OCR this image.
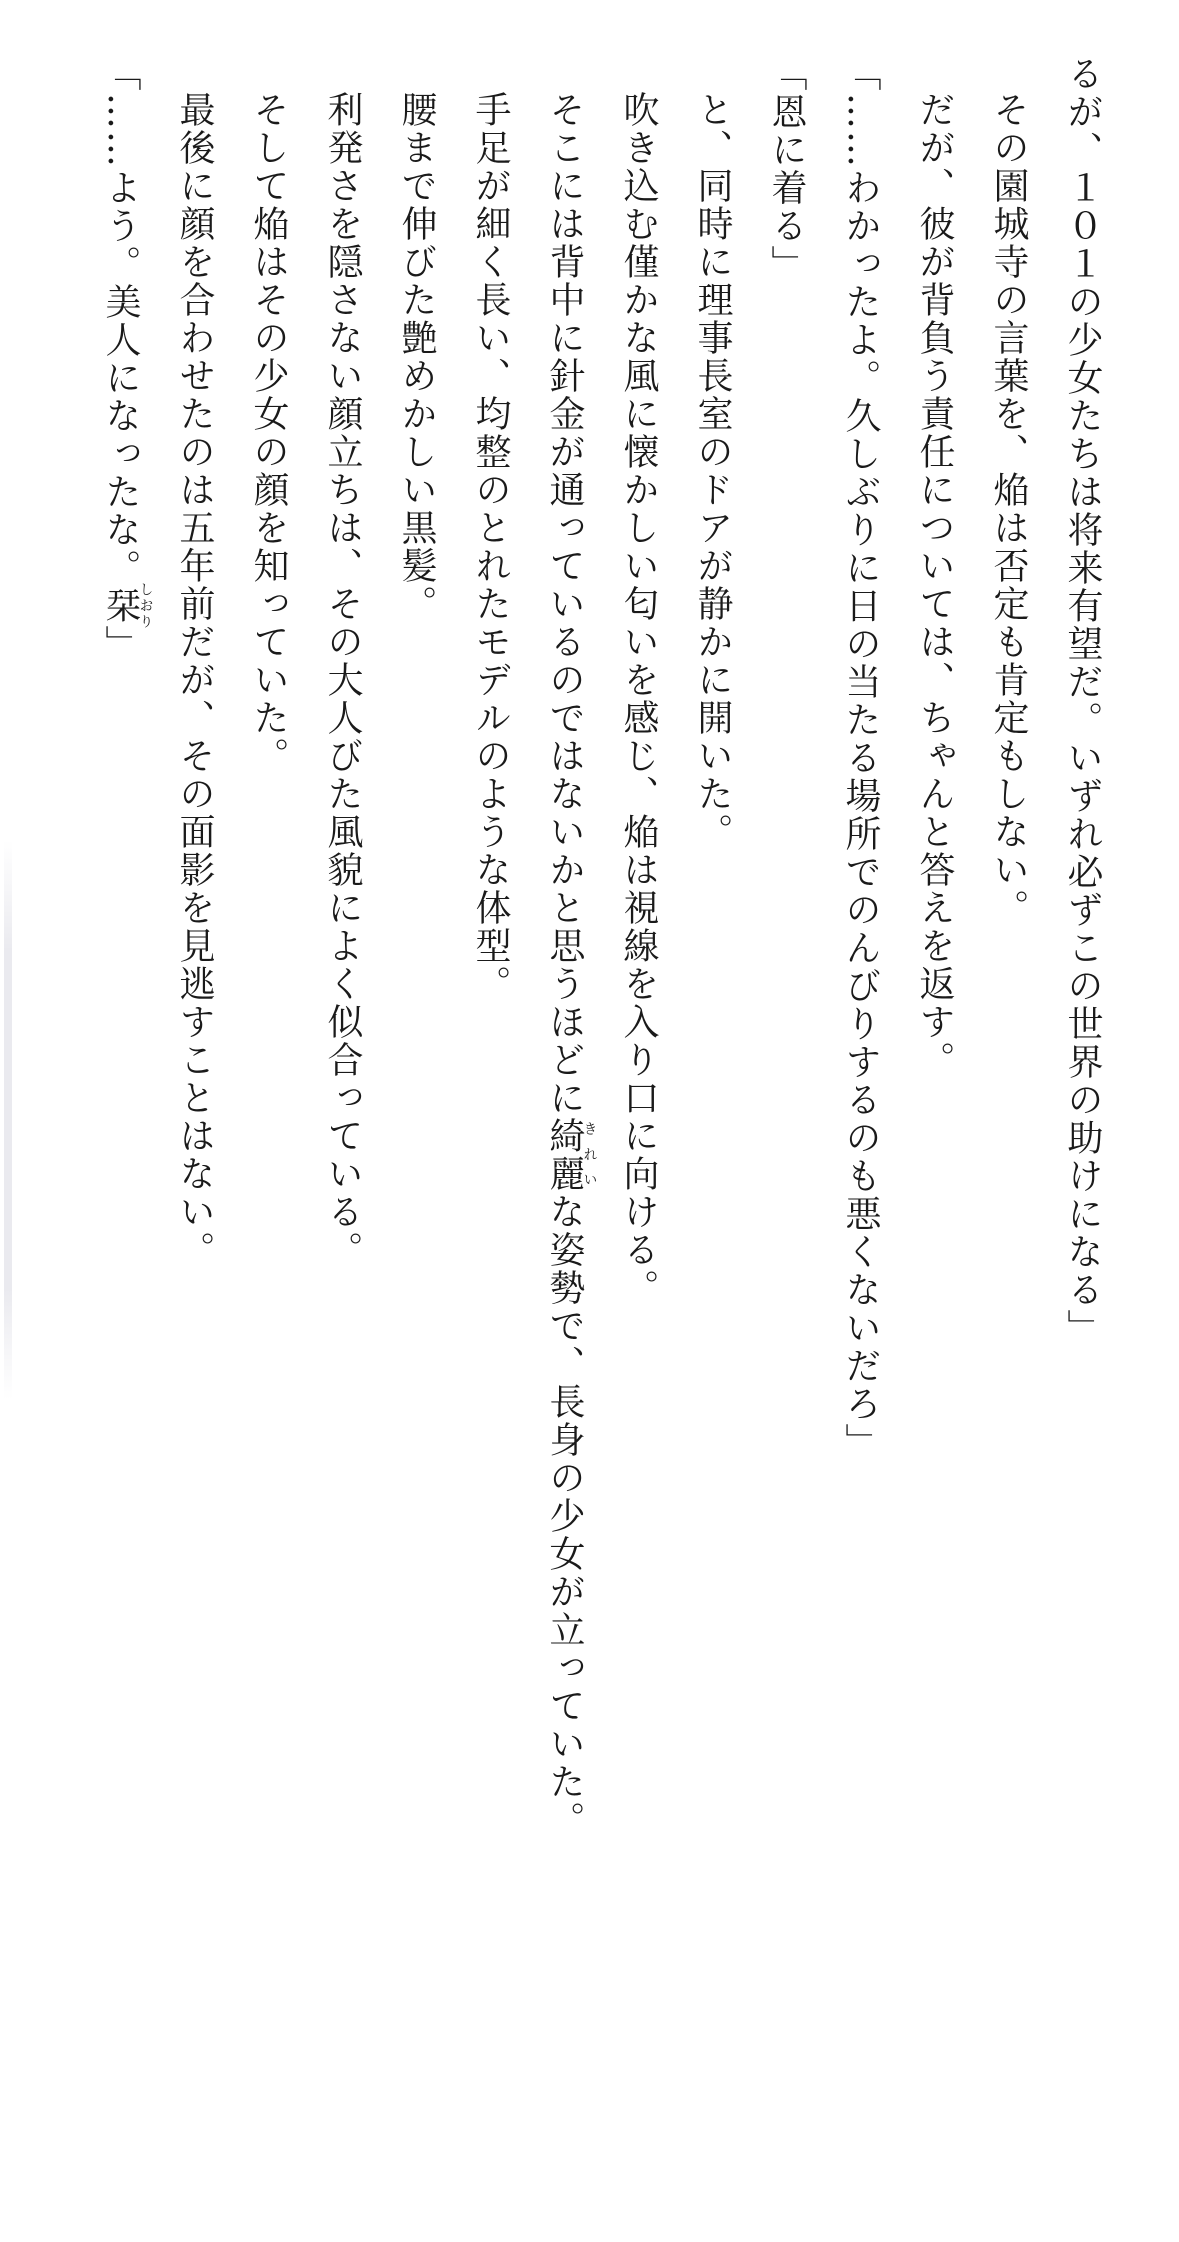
るが、１０１の少女たちは将来有望だ。いずれ必ずこの世界の助けになる」

その園城寺の言葉を、焔は否定も肯定もしない。

だが、彼が背負う責任については、ちゃんと答えを返す。

「……わかったよ。久しぶりに日の当たる場所でのんびりするのも悪くないだろ」

「恩に着る」

と、同時に理事長室のドアが静かに開いた。

吹き込む僅かな風に懐かしい匂いを感じ、焔は視線を入り口に向ける。

そこには背中に針金が通っているのではないかと思うほどに綺麗きれいな姿勢で、長身の少女が立っていた。

手足が細く長い、均整のとれたモデルのような体型。

腰まで伸びた艶めかしい黒髪。

利発さを隠さない顔立ちは、その大人びた風貌によく似合っている。

そして焔はその少女の顔を知っていた。

最後に顔を合わせたのは五年前だが、その面影を見逃すことはない。

「……よう。美人になったな。栞しおり」
